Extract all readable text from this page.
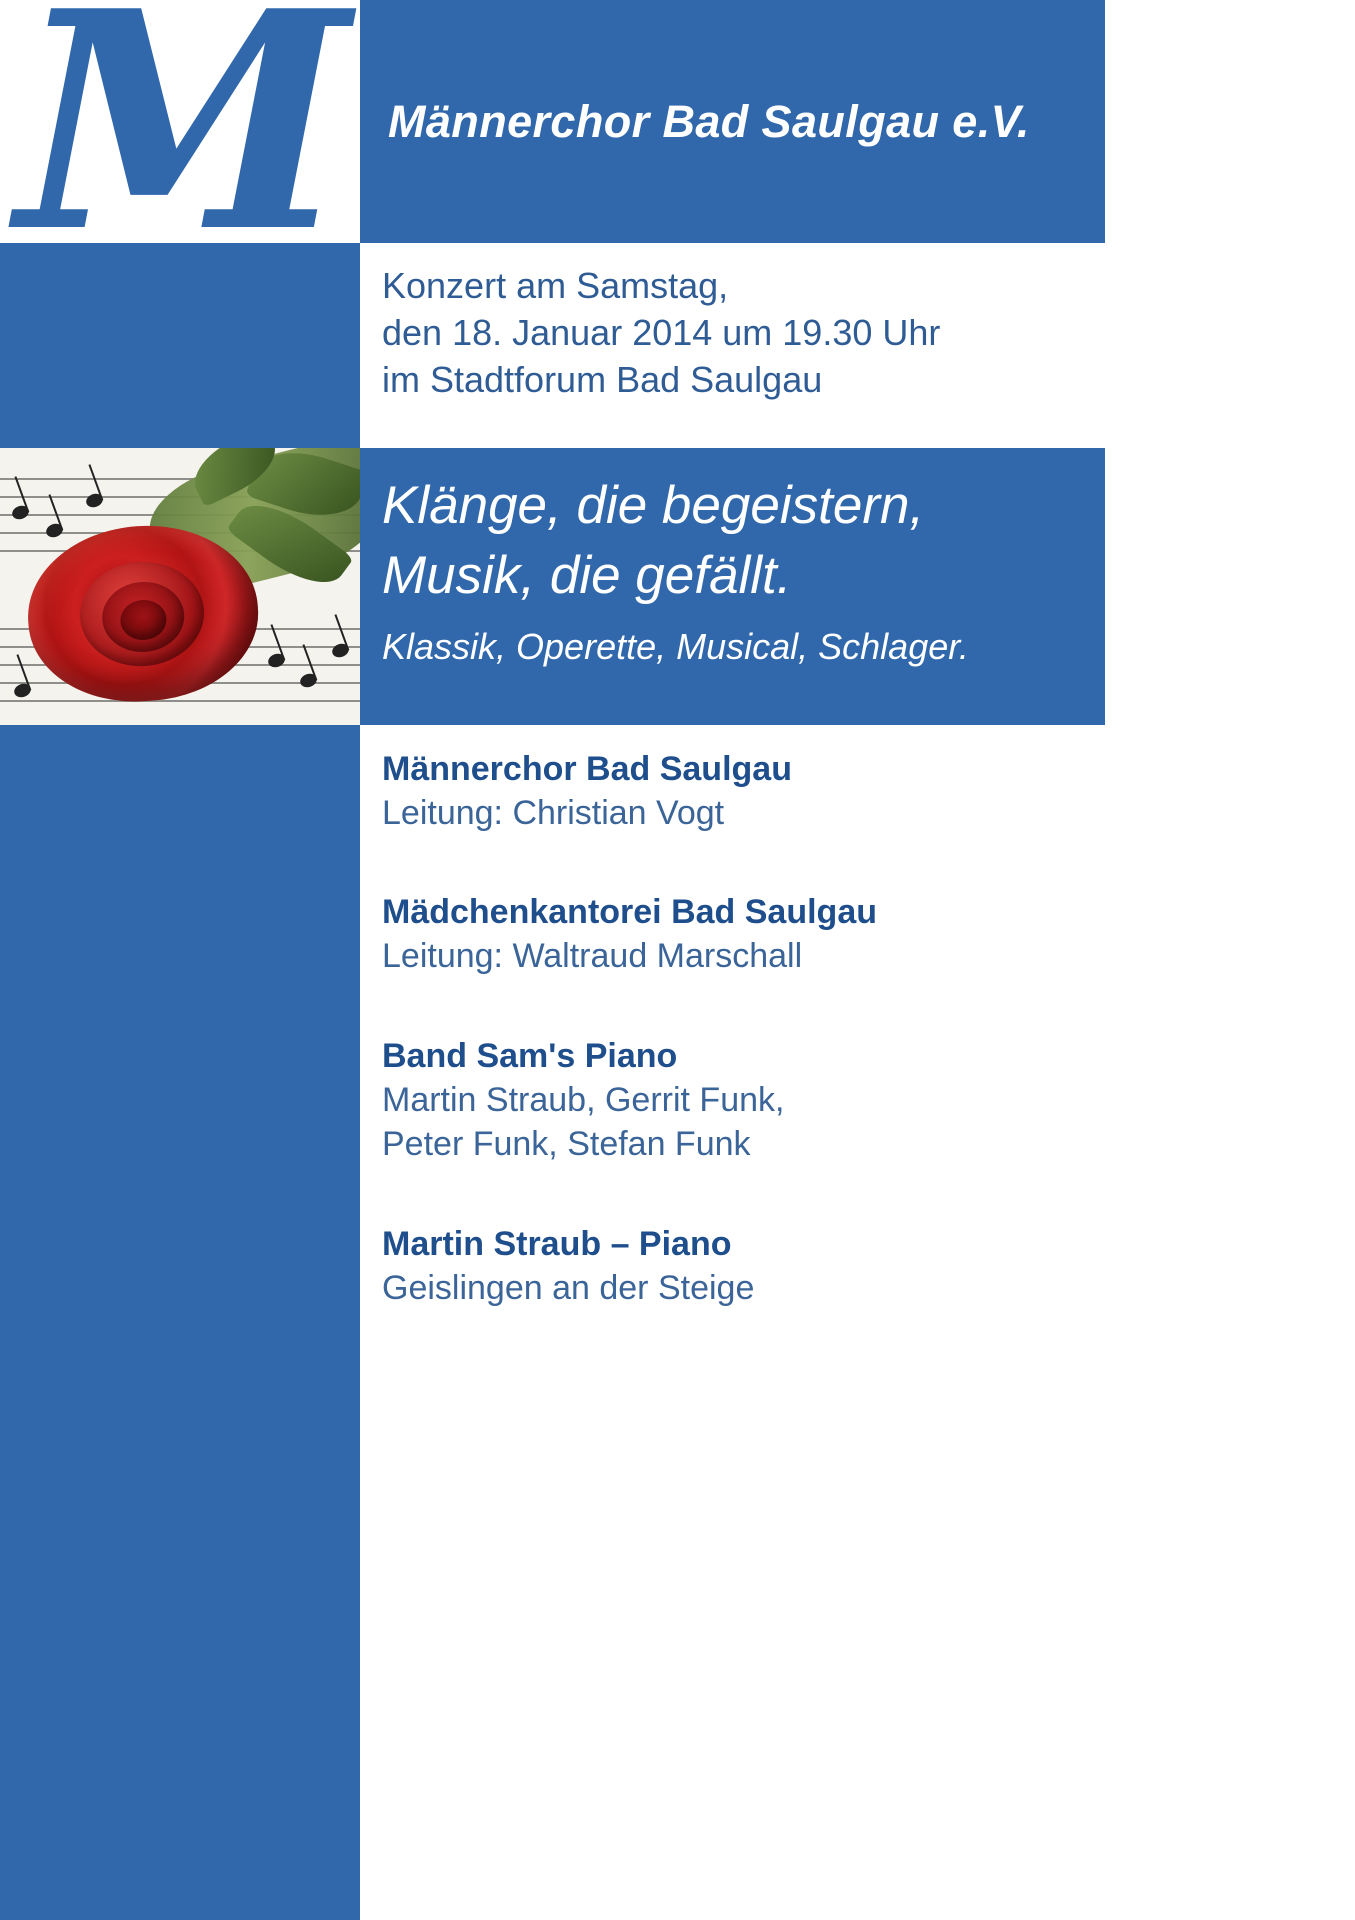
M Männerchor Bad Saulgau e.V.
Konzert am Samstag,
den 18. Januar 2014 um 19.30 Uhr
im Stadtforum Bad Saulgau
Klänge, die begeistern,
Musik, die gefällt.
Klassik, Operette, Musical, Schlager.

Männerchor Bad Saulgau

Leitung: Christian Vogt

Mädchenkantorei Bad Saulgau

Leitung: Waltraud Marschall

Band Sam's Piano

Martin Straub, Gerrit Funk,

Peter Funk, Stefan Funk

Martin Straub – Piano

Geislingen an der Steige
